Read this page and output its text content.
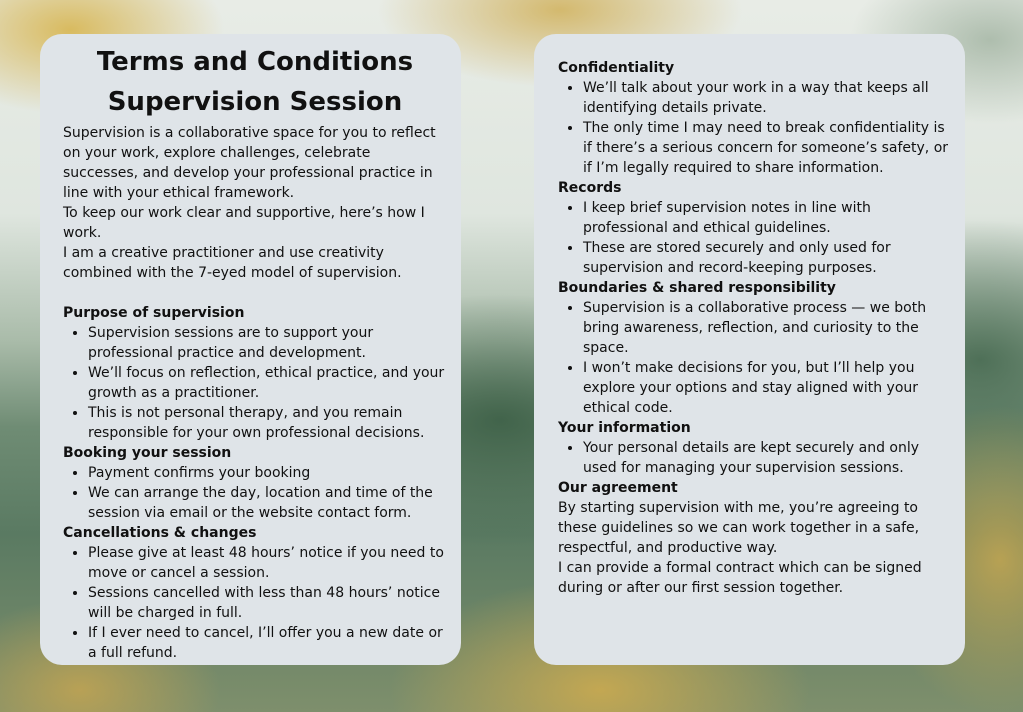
Terms and Conditions
Supervision Session

Supervision is a collaborative space for you to reflect on your work, explore challenges, celebrate successes, and develop your professional practice in line with your ethical framework.

To keep our work clear and supportive, here’s how I work.

I am a creative practitioner and use creativity combined with the 7-eyed model of supervision.

Purpose of supervision
• Supervision sessions are to support your professional practice and development.
• We’ll focus on reflection, ethical practice, and your growth as a practitioner.
• This is not personal therapy, and you remain responsible for your own professional decisions.
Booking your session
• Payment confirms your booking
• We can arrange the day, location and time of the session via email or the website contact form.
Cancellations & changes
• Please give at least 48 hours’ notice if you need to move or cancel a session.
• Sessions cancelled with less than 48 hours’ notice will be charged in full.
• If I ever need to cancel, I’ll offer you a new date or a full refund.
Confidentiality
• We’ll talk about your work in a way that keeps all identifying details private.
• The only time I may need to break confidentiality is if there’s a serious concern for someone’s safety, or if I’m legally required to share information.
Records
• I keep brief supervision notes in line with professional and ethical guidelines.
• These are stored securely and only used for supervision and record-keeping purposes.
Boundaries & shared responsibility
• Supervision is a collaborative process — we both bring awareness, reflection, and curiosity to the space.
• I won’t make decisions for you, but I’ll help you explore your options and stay aligned with your ethical code.
Your information
• Your personal details are kept securely and only used for managing your supervision sessions.
Our agreement

By starting supervision with me, you’re agreeing to these guidelines so we can work together in a safe, respectful, and productive way.

I can provide a formal contract which can be signed during or after our first session together.
